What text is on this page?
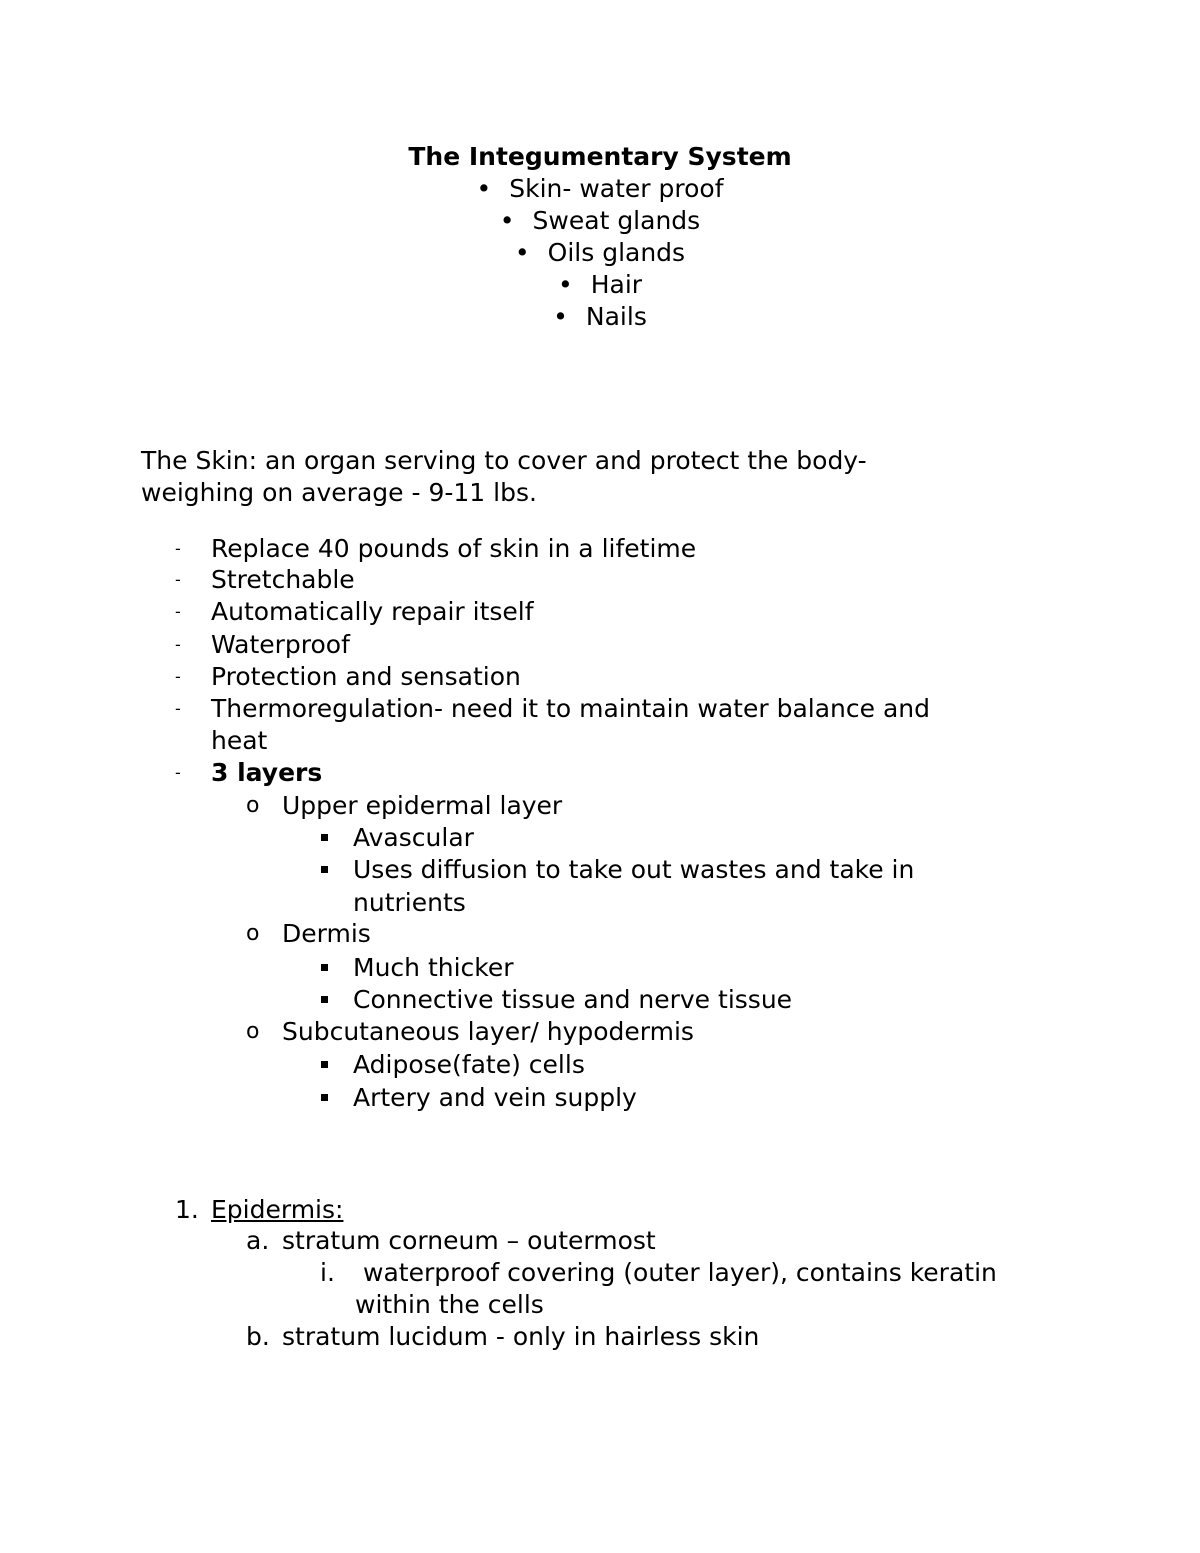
The Integumentary System
• Skin- water proof
• Sweat glands
• Oils glands
• Hair
• Nails
The Skin: an organ serving to cover and protect the body-
weighing on average - 9-11 lbs.
- Replace 40 pounds of skin in a lifetime
- Stretchable
- Automatically repair itself
- Waterproof
- Protection and sensation
- Thermoregulation- need it to maintain water balance and
heat
- 3 layers
o Upper epidermal layer
Avascular
Uses diffusion to take out wastes and take in
nutrients
o Dermis
Much thicker
Connective tissue and nerve tissue
o Subcutaneous layer/ hypodermis
Adipose(fate) cells
Artery and vein supply
1. Epidermis:
a. stratum corneum – outermost
i. waterproof covering (outer layer), contains keratin
within the cells
b. stratum lucidum - only in hairless skin
